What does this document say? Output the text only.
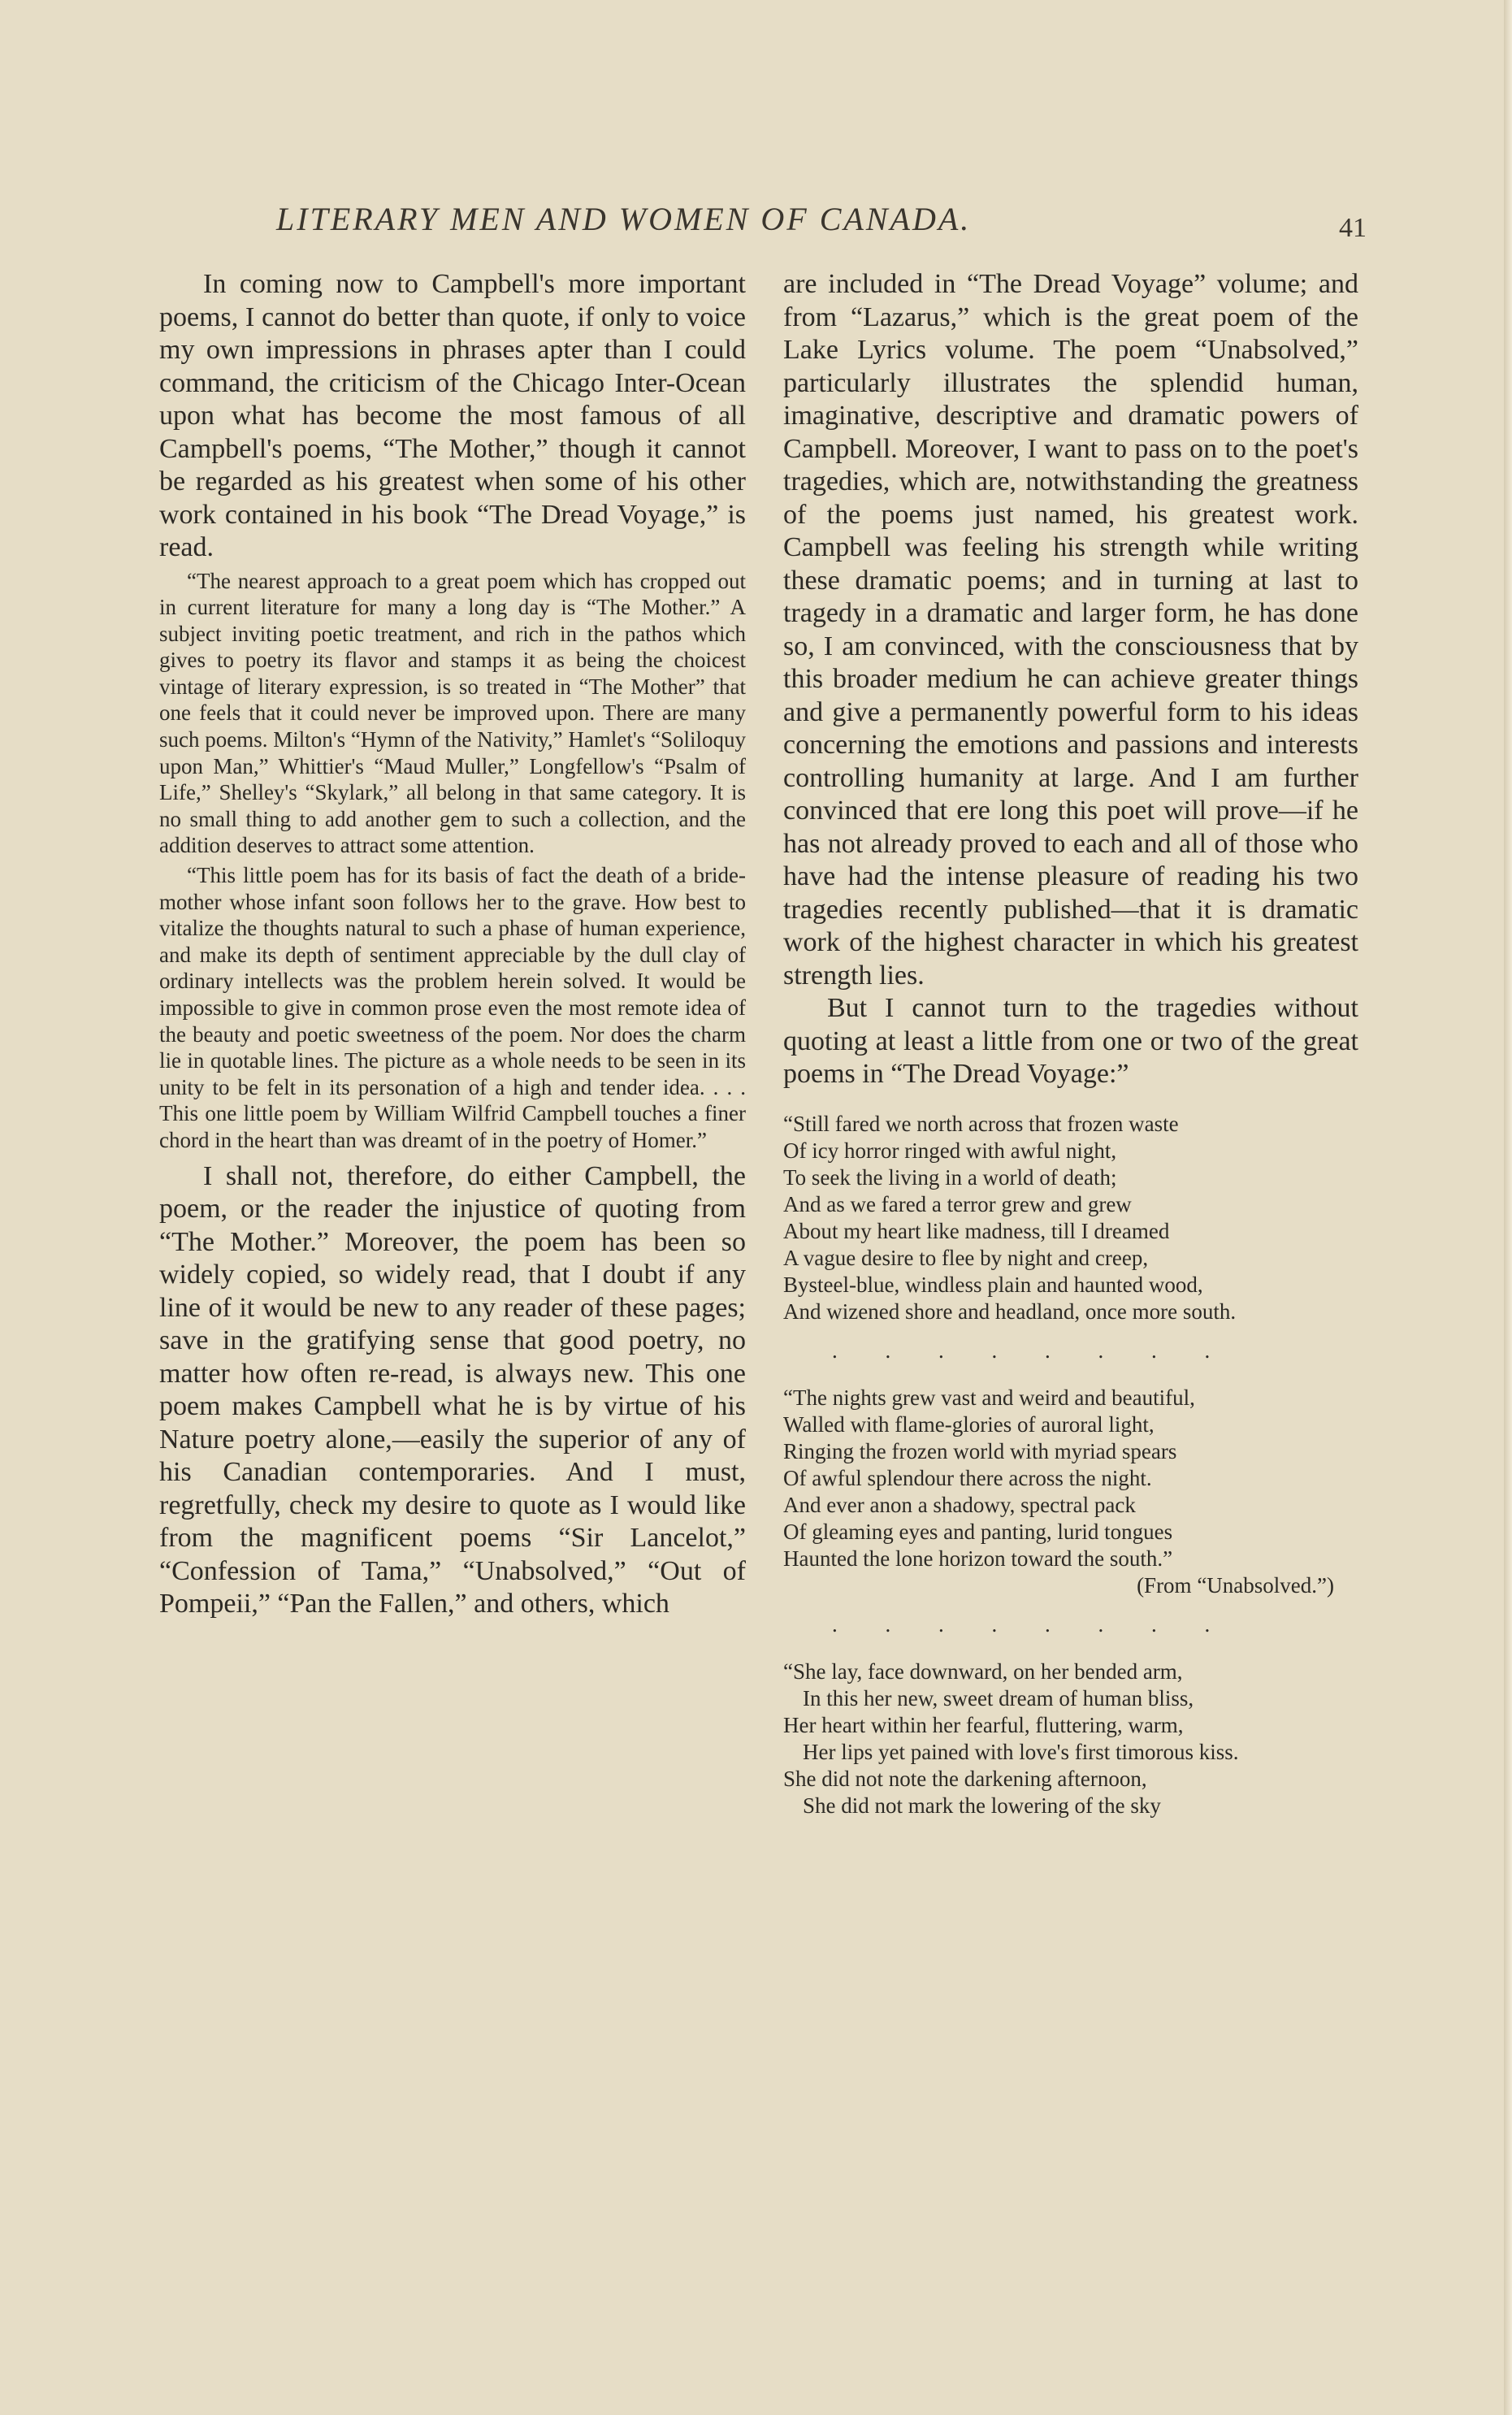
LITERARY MEN AND WOMEN OF CANADA.	41

In coming now to Campbell's more important poems, I cannot do better than quote, if only to voice my own impressions in phrases apter than I could command, the criticism of the Chicago Inter-Ocean upon what has become the most famous of all Campbell's poems, “The Mother,” though it cannot be regarded as his greatest when some of his other work contained in his book “The Dread Voyage,” is read.

“The nearest approach to a great poem which has cropped out in current literature for many a long day is “The Mother.” A subject inviting poetic treatment, and rich in the pathos which gives to poetry its flavor and stamps it as being the choicest vintage of literary expression, is so treated in “The Mother” that one feels that it could never be improved upon. There are many such poems. Milton's “Hymn of the Nativity,” Hamlet's “Soliloquy upon Man,” Whittier's “Maud Muller,” Longfellow's “Psalm of Life,” Shelley's “Skylark,” all belong in that same category. It is no small thing to add another gem to such a collection, and the addition deserves to attract some attention.

“This little poem has for its basis of fact the death of a bride-mother whose infant soon follows her to the grave. How best to vitalize the thoughts natural to such a phase of human experience, and make its depth of sentiment appreciable by the dull clay of ordinary intellects was the problem herein solved. It would be impossible to give in common prose even the most remote idea of the beauty and poetic sweetness of the poem. Nor does the charm lie in quotable lines. The picture as a whole needs to be seen in its unity to be felt in its personation of a high and tender idea. . . . This one little poem by William Wilfrid Campbell touches a finer chord in the heart than was dreamt of in the poetry of Homer.”

I shall not, therefore, do either Campbell, the poem, or the reader the injustice of quoting from “The Mother.” Moreover, the poem has been so widely copied, so widely read, that I doubt if any line of it would be new to any reader of these pages; save in the gratifying sense that good poetry, no matter how often re-read, is always new. This one poem makes Campbell what he is by virtue of his Nature poetry alone,—easily the superior of any of his Canadian contemporaries. And I must, regretfully, check my desire to quote as I would like from the magnificent poems “Sir Lancelot,” “Confession of Tama,” “Unabsolved,” “Out of Pompeii,” “Pan the Fallen,” and others, which

are included in “The Dread Voyage” volume; and from “Lazarus,” which is the great poem of the Lake Lyrics volume. The poem “Unabsolved,” particularly illustrates the splendid human, imaginative, descriptive and dramatic powers of Campbell. Moreover, I want to pass on to the poet's tragedies, which are, notwithstanding the greatness of the poems just named, his greatest work. Campbell was feeling his strength while writing these dramatic poems; and in turning at last to tragedy in a dramatic and larger form, he has done so, I am convinced, with the consciousness that by this broader medium he can achieve greater things and give a permanently powerful form to his ideas concerning the emotions and passions and interests controlling humanity at large. And I am further convinced that ere long this poet will prove—if he has not already proved to each and all of those who have had the intense pleasure of reading his two tragedies recently published—that it is dramatic work of the highest character in which his greatest strength lies.

But I cannot turn to the tragedies without quoting at least a little from one or two of the great poems in “The Dread Voyage:”

“Still fared we north across that frozen waste
Of icy horror ringed with awful night,
To seek the living in a world of death;
And as we fared a terror grew and grew
About my heart like madness, till I dreamed
A vague desire to flee by night and creep,
Bysteel-blue, windless plain and haunted wood,
And wizened shore and headland, once more south.
. . . . . . . .
“The nights grew vast and weird and beautiful,
Walled with flame-glories of auroral light,
Ringing the frozen world with myriad spears
Of awful splendour there across the night.
And ever anon a shadowy, spectral pack
Of gleaming eyes and panting, lurid tongues
Haunted the lone horizon toward the south.”
(From “Unabsolved.”)
. . . . . . . .
“She lay, face downward, on her bended arm,
In this her new, sweet dream of human bliss,
Her heart within her fearful, fluttering, warm,
Her lips yet pained with love's first timorous kiss.
She did not note the darkening afternoon,
She did not mark the lowering of the sky
